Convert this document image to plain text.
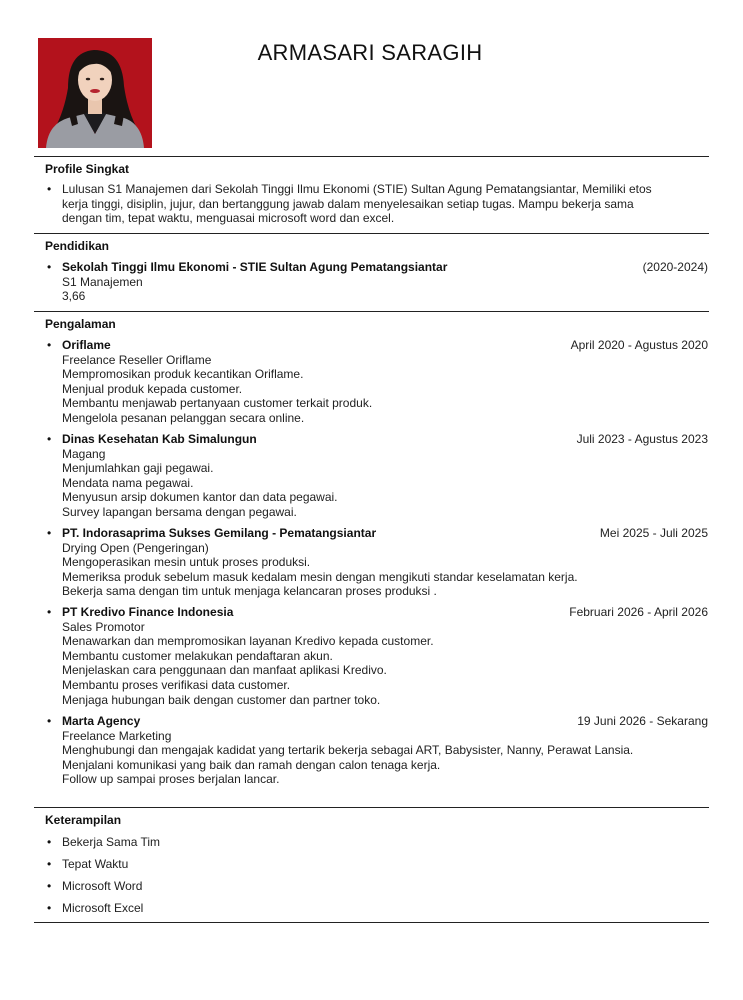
ARMASARI SARAGIH
Profile Singkat
• Lulusan S1 Manajemen dari Sekolah Tinggi Ilmu Ekonomi (STIE) Sultan Agung Pematangsiantar, Memiliki etos
kerja tinggi, disiplin, jujur, dan bertanggung jawab dalam menyelesaikan setiap tugas. Mampu bekerja sama
dengan tim, tepat waktu, menguasai microsoft word dan excel.
Pendidikan
• Sekolah Tinggi Ilmu Ekonomi - STIE Sultan Agung Pematangsiantar
S1 Manajemen
3,66
(2020-2024)
Pengalaman
• Oriflame
Freelance Reseller Oriflame
Mempromosikan produk kecantikan Oriflame.
Menjual produk kepada customer.
Membantu menjawab pertanyaan customer terkait produk.
Mengelola pesanan pelanggan secara online.
April 2020 - Agustus 2020
• Dinas Kesehatan Kab Simalungun
Magang
Menjumlahkan gaji pegawai.
Mendata nama pegawai.
Menyusun arsip dokumen kantor dan data pegawai.
Survey lapangan bersama dengan pegawai.
Juli 2023 - Agustus 2023
• PT. Indorasaprima Sukses Gemilang - Pematangsiantar
Drying Open (Pengeringan)
Mengoperasikan mesin untuk proses produksi.
Memeriksa produk sebelum masuk kedalam mesin dengan mengikuti standar keselamatan kerja.
Bekerja sama dengan tim untuk menjaga kelancaran proses produksi .
Mei 2025 - Juli 2025
• PT Kredivo Finance Indonesia
Sales Promotor
Menawarkan dan mempromosikan layanan Kredivo kepada customer.
Membantu customer melakukan pendaftaran akun.
Menjelaskan cara penggunaan dan manfaat aplikasi Kredivo.
Membantu proses verifikasi data customer.
Menjaga hubungan baik dengan customer dan partner toko.
Februari 2026 - April 2026
• Marta Agency
Freelance Marketing
Menghubungi dan mengajak kadidat yang tertarik bekerja sebagai ART, Babysister, Nanny, Perawat Lansia.
Menjalani komunikasi yang baik dan ramah dengan calon tenaga kerja.
Follow up sampai proses berjalan lancar.
19 Juni 2026 - Sekarang
Keterampilan
• Bekerja Sama Tim
• Tepat Waktu
• Microsoft Word
• Microsoft Excel
